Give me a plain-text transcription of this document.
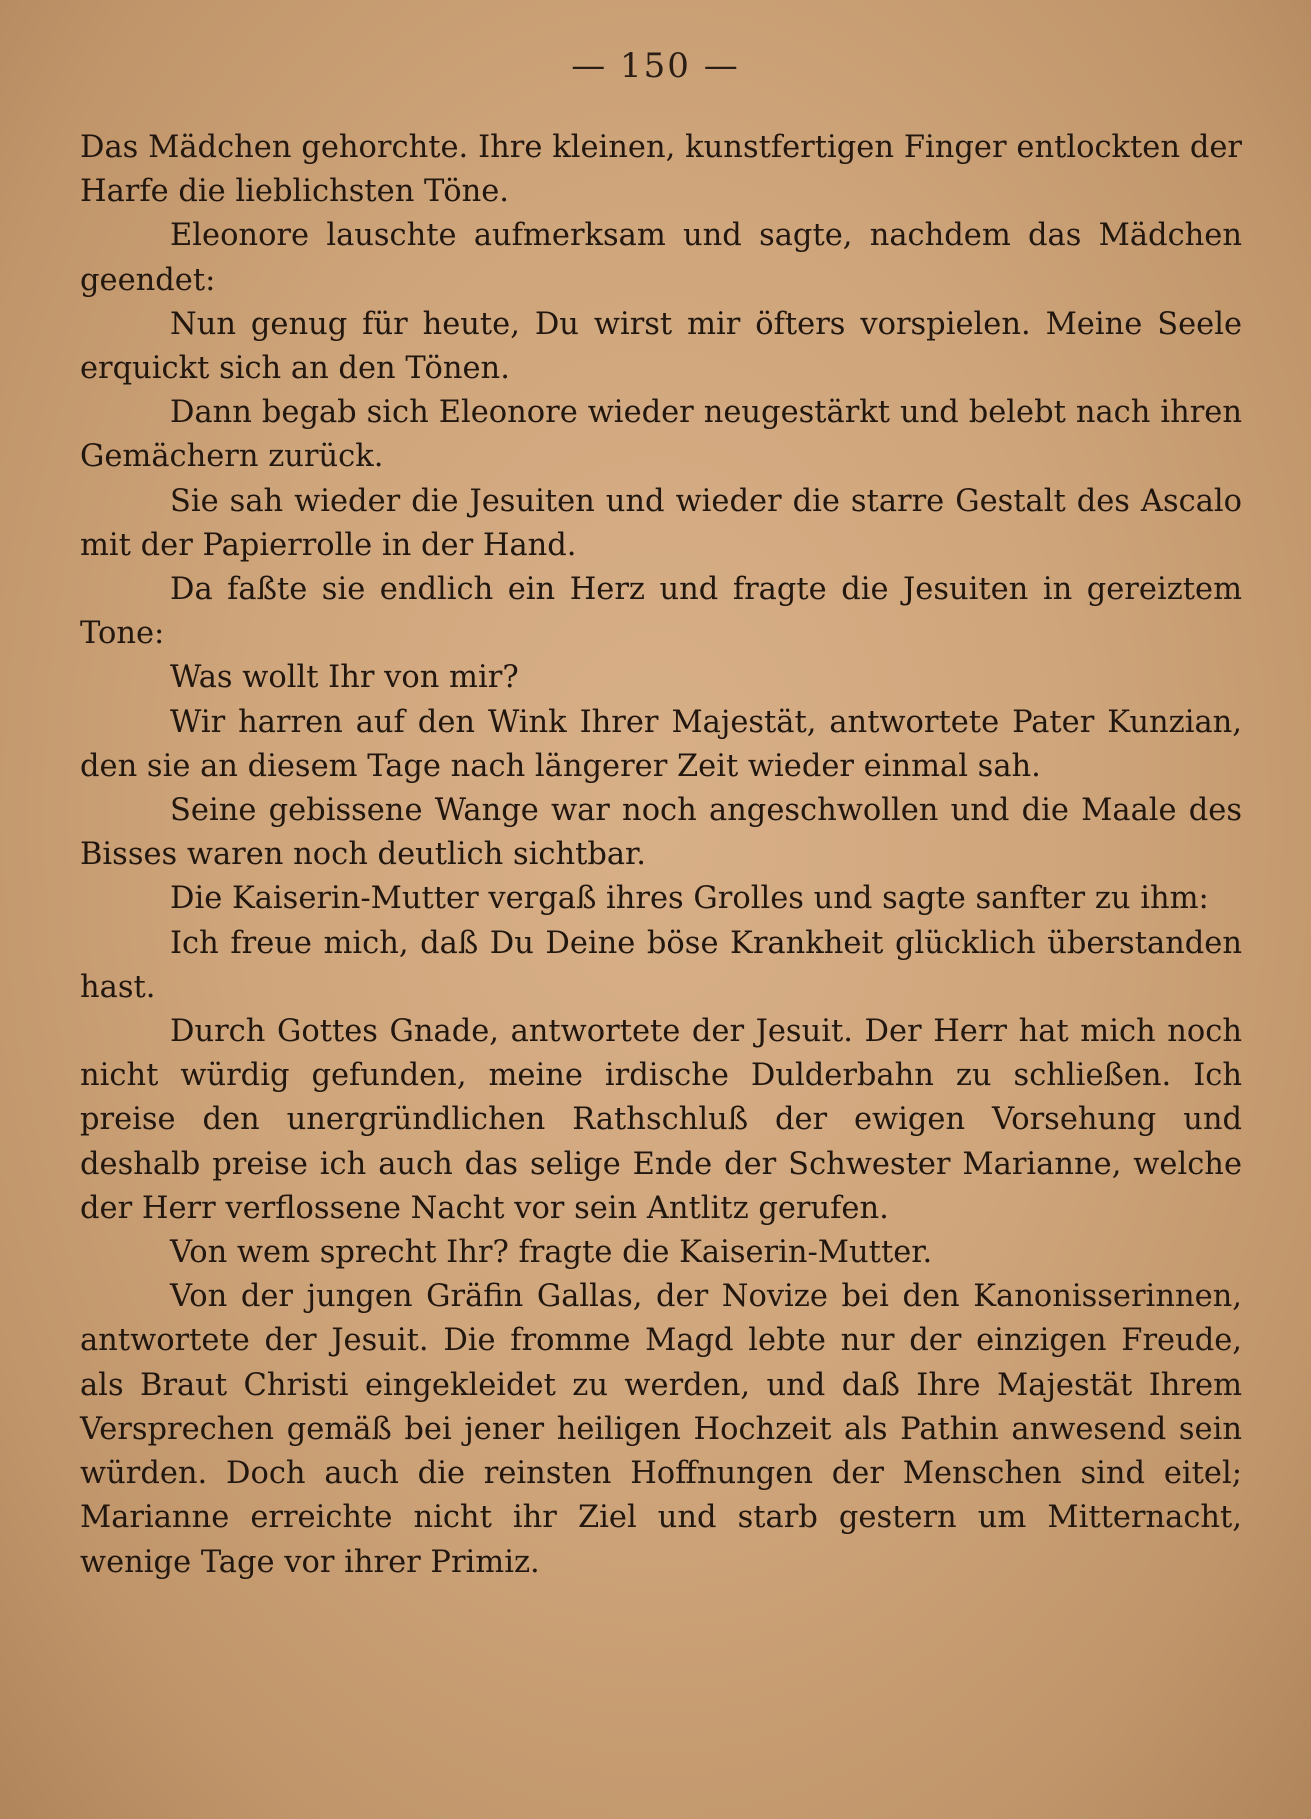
— 150 —

Das Mädchen gehorchte. Ihre kleinen, kunstfertigen Finger entlockten der Harfe die lieblichsten Töne.

Eleonore lauschte aufmerksam und sagte, nachdem das Mädchen geendet:

Nun genug für heute, Du wirst mir öfters vorspielen. Meine Seele erquickt sich an den Tönen.

Dann begab sich Eleonore wieder neugestärkt und belebt nach ihren Gemächern zurück.

Sie sah wieder die Jesuiten und wieder die starre Gestalt des Ascalo mit der Papierrolle in der Hand.

Da faßte sie endlich ein Herz und fragte die Jesuiten in gereiztem Tone:

Was wollt Ihr von mir?

Wir harren auf den Wink Ihrer Majestät, antwortete Pater Kunzian, den sie an diesem Tage nach längerer Zeit wieder einmal sah.

Seine gebissene Wange war noch angeschwollen und die Maale des Bisses waren noch deutlich sichtbar.

Die Kaiserin-Mutter vergaß ihres Grolles und sagte sanfter zu ihm:

Ich freue mich, daß Du Deine böse Krankheit glücklich überstanden hast.

Durch Gottes Gnade, antwortete der Jesuit. Der Herr hat mich noch nicht würdig gefunden, meine irdische Dulderbahn zu schließen. Ich preise den unergründlichen Rathschluß der ewigen Vorsehung und deshalb preise ich auch das selige Ende der Schwester Marianne, welche der Herr verflossene Nacht vor sein Antlitz gerufen.

Von wem sprecht Ihr? fragte die Kaiserin-Mutter.

Von der jungen Gräfin Gallas, der Novize bei den Kanonisserinnen, antwortete der Jesuit. Die fromme Magd lebte nur der einzigen Freude, als Braut Christi eingekleidet zu werden, und daß Ihre Majestät Ihrem Versprechen gemäß bei jener heiligen Hochzeit als Pathin anwesend sein würden. Doch auch die reinsten Hoffnungen der Menschen sind eitel; Marianne erreichte nicht ihr Ziel und starb gestern um Mitternacht, wenige Tage vor ihrer Primiz.
